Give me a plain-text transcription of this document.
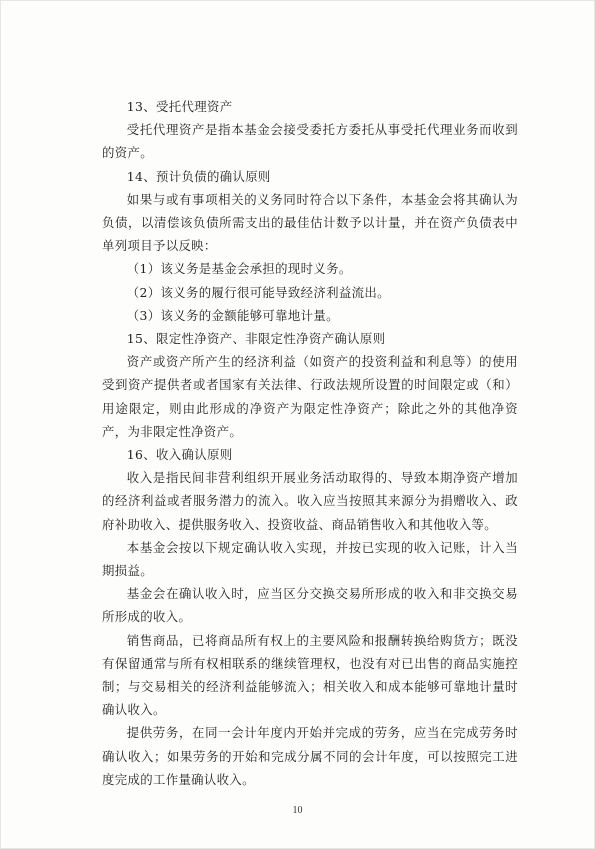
13、受托代理资产

受托代理资产是指本基金会接受委托方委托从事受托代理业务而收到的资产。

14、预计负债的确认原则

如果与或有事项相关的义务同时符合以下条件，本基金会将其确认为负债，以清偿该负债所需支出的最佳估计数予以计量，并在资产负债表中单列项目予以反映：

（1）该义务是基金会承担的现时义务。

（2）该义务的履行很可能导致经济利益流出。

（3）该义务的金额能够可靠地计量。

15、限定性净资产、非限定性净资产确认原则

资产或资产所产生的经济利益（如资产的投资利益和利息等）的使用受到资产提供者或者国家有关法律、行政法规所设置的时间限定或（和）用途限定，则由此形成的净资产为限定性净资产；除此之外的其他净资产，为非限定性净资产。

16、收入确认原则

收入是指民间非营利组织开展业务活动取得的、导致本期净资产增加的经济利益或者服务潜力的流入。收入应当按照其来源分为捐赠收入、政府补助收入、提供服务收入、投资收益、商品销售收入和其他收入等。

本基金会按以下规定确认收入实现，并按已实现的收入记账，计入当期损益。

基金会在确认收入时，应当区分交换交易所形成的收入和非交换交易所形成的收入。

销售商品，已将商品所有权上的主要风险和报酬转换给购货方；既没有保留通常与所有权相联系的继续管理权，也没有对已出售的商品实施控制；与交易相关的经济利益能够流入；相关收入和成本能够可靠地计量时确认收入。

提供劳务，在同一会计年度内开始并完成的劳务，应当在完成劳务时确认收入；如果劳务的开始和完成分属不同的会计年度，可以按照完工进度完成的工作量确认收入。

10
